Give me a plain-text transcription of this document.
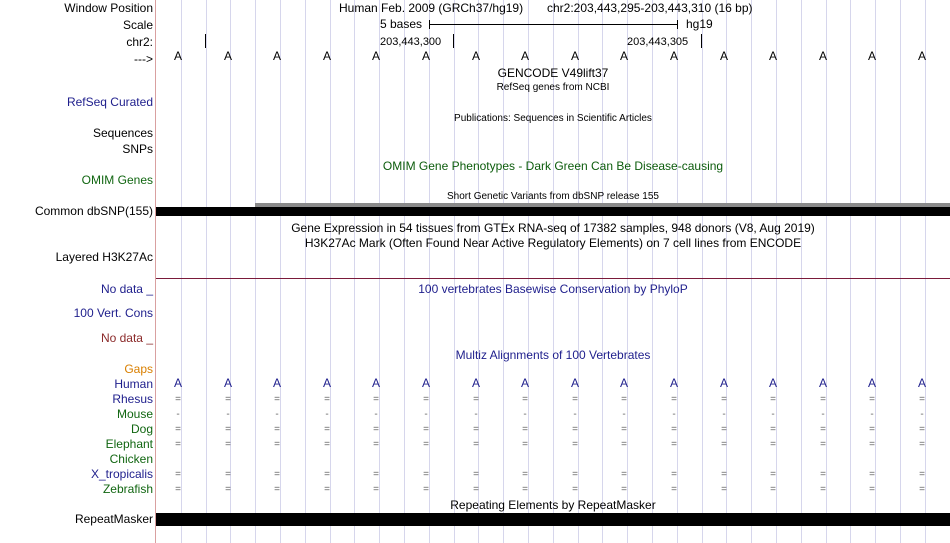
Window Position	Human Feb. 2009 (GRCh37/hg19) chr2:203,443,295-203,443,310 (16 bp)
Scale	5 bases	hg19
chr2:	203,443,300	203,443,305
---> A	A	A	A	A	A	A	A	A	A	A	A	A	A	A	A
GENCODE V49lift37
RefSeq genes from NCBI
RefSeq Curated
Publications: Sequences in Scientific Articles
Sequences
SNPs
OMIM Gene Phenotypes - Dark Green Can Be Disease-causing
OMIM Genes
Short Genetic Variants from dbSNP release 155
Common dbSNP(155)
Gene Expression in 54 tissues from GTEx RNA-seq of 17382 samples, 948 donors (V8, Aug 2019)
H3K27Ac Mark (Often Found Near Active Regulatory Elements) on 7 cell lines from ENCODE
Layered H3K27Ac
No data _	100 vertebrates Basewise Conservation by PhyloP
100 Vert. Cons
No data _
Multiz Alignments of 100 Vertebrates
Gaps
Human A	A	A	A	A	A	A	A	A	A	A	A	A	A	A	A
Rhesus	=	=	=	=	=	=	=	=	=	=	=	=	=	=	=	=
Mouse	-	-	-	-	-	-	-	-	-	-	-	-	-	-	-	-
Dog	=	=	=	=	=	=	=	=	=	=	=	=	=	=	=	=
Elephant	=	=	=	=	=	=	=	=	=	=	=	=	=	=	=	=
Chicken
X_tropicalis	=	=	=	=	=	=	=	=	=	=	=	=	=	=	=	=
Zebrafish	=	=	=	=	=	=	=	=	=	=	=	=	=	=	=	=
Repeating Elements by RepeatMasker
RepeatMasker
